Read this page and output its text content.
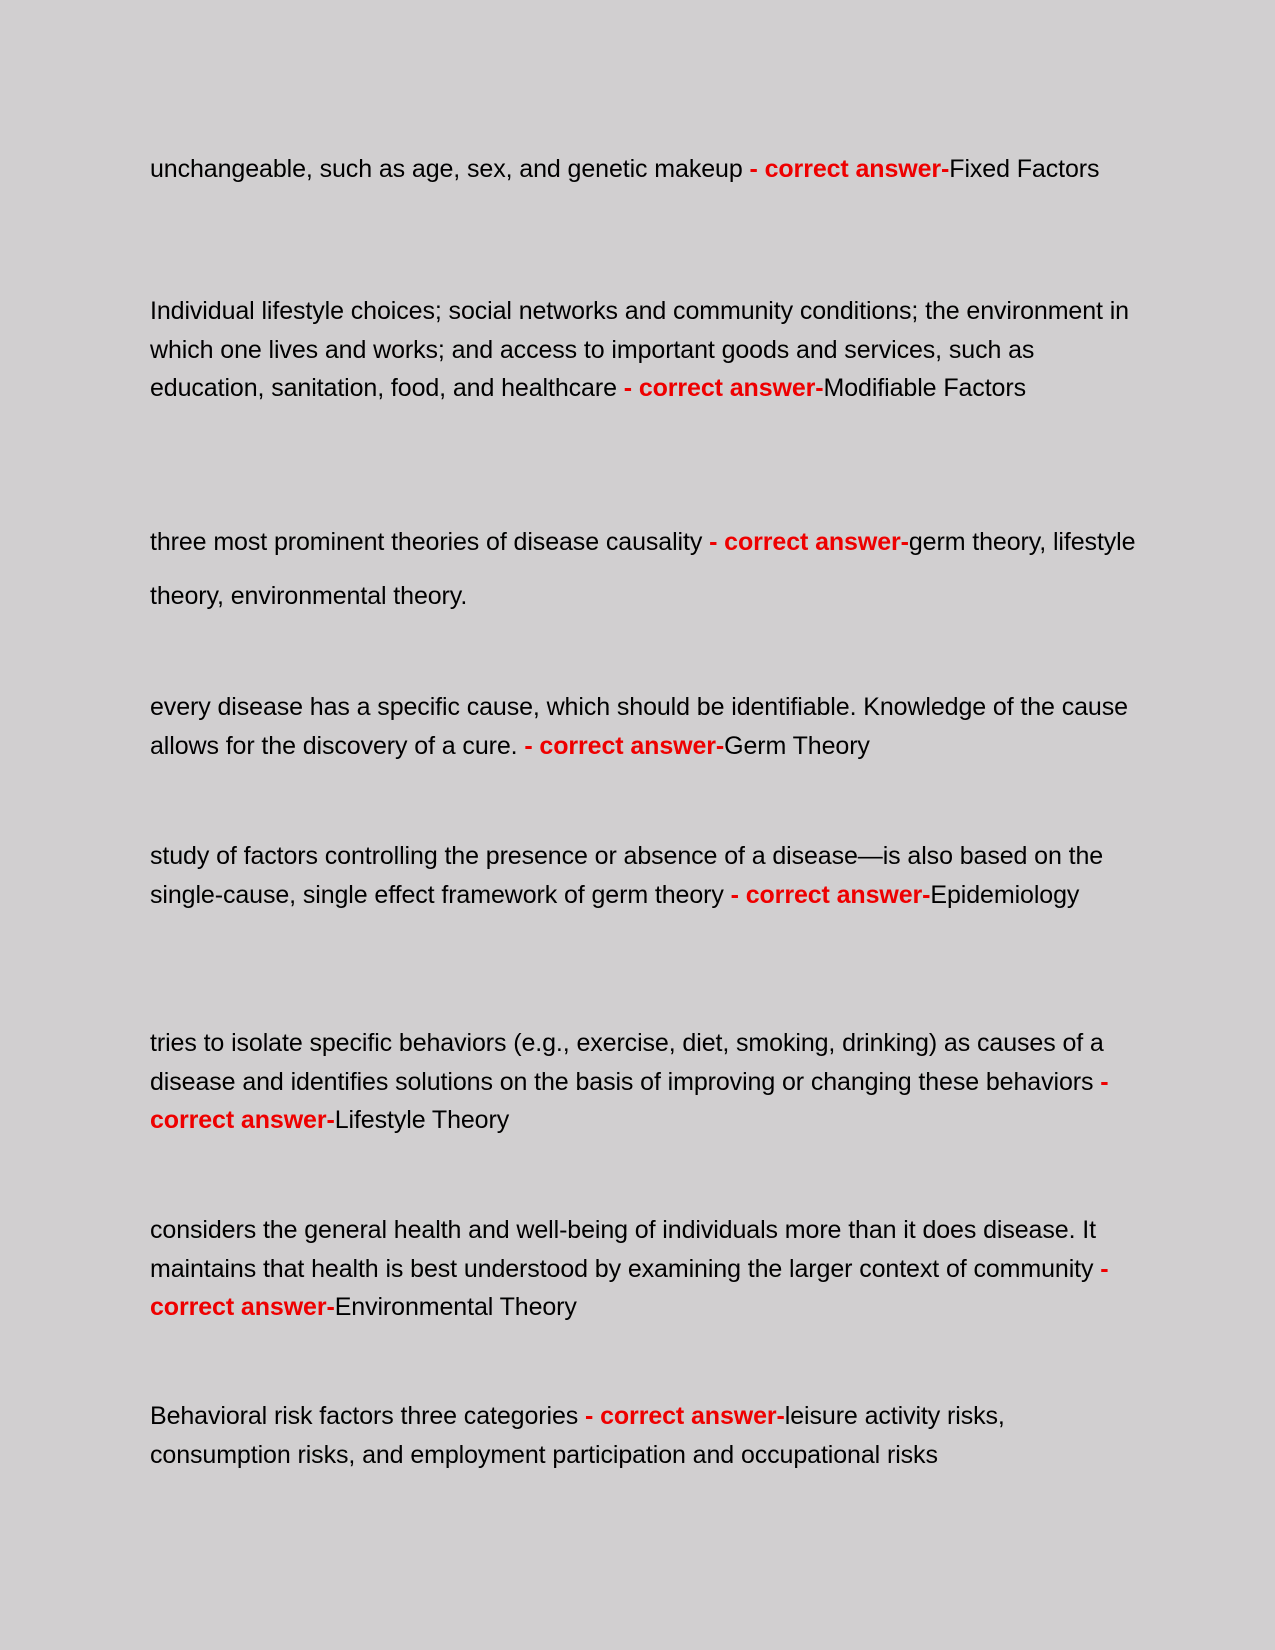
unchangeable, such as age, sex, and genetic makeup - correct answer-Fixed Factors

Individual lifestyle choices; social networks and community conditions; the environment in which one lives and works; and access to important goods and services, such as education, sanitation, food, and healthcare - correct answer-Modifiable Factors

three most prominent theories of disease causality - correct answer-germ theory, lifestyle theory, environmental theory.

every disease has a specific cause, which should be identifiable. Knowledge of the cause allows for the discovery of a cure. - correct answer-Germ Theory

study of factors controlling the presence or absence of a disease—is also based on the single-cause, single effect framework of germ theory - correct answer-Epidemiology

tries to isolate specific behaviors (e.g., exercise, diet, smoking, drinking) as causes of a disease and identifies solutions on the basis of improving or changing these behaviors - correct answer-Lifestyle Theory

considers the general health and well-being of individuals more than it does disease. It maintains that health is best understood by examining the larger context of community - correct answer-Environmental Theory

Behavioral risk factors three categories - correct answer-leisure activity risks, consumption risks, and employment participation and occupational risks
